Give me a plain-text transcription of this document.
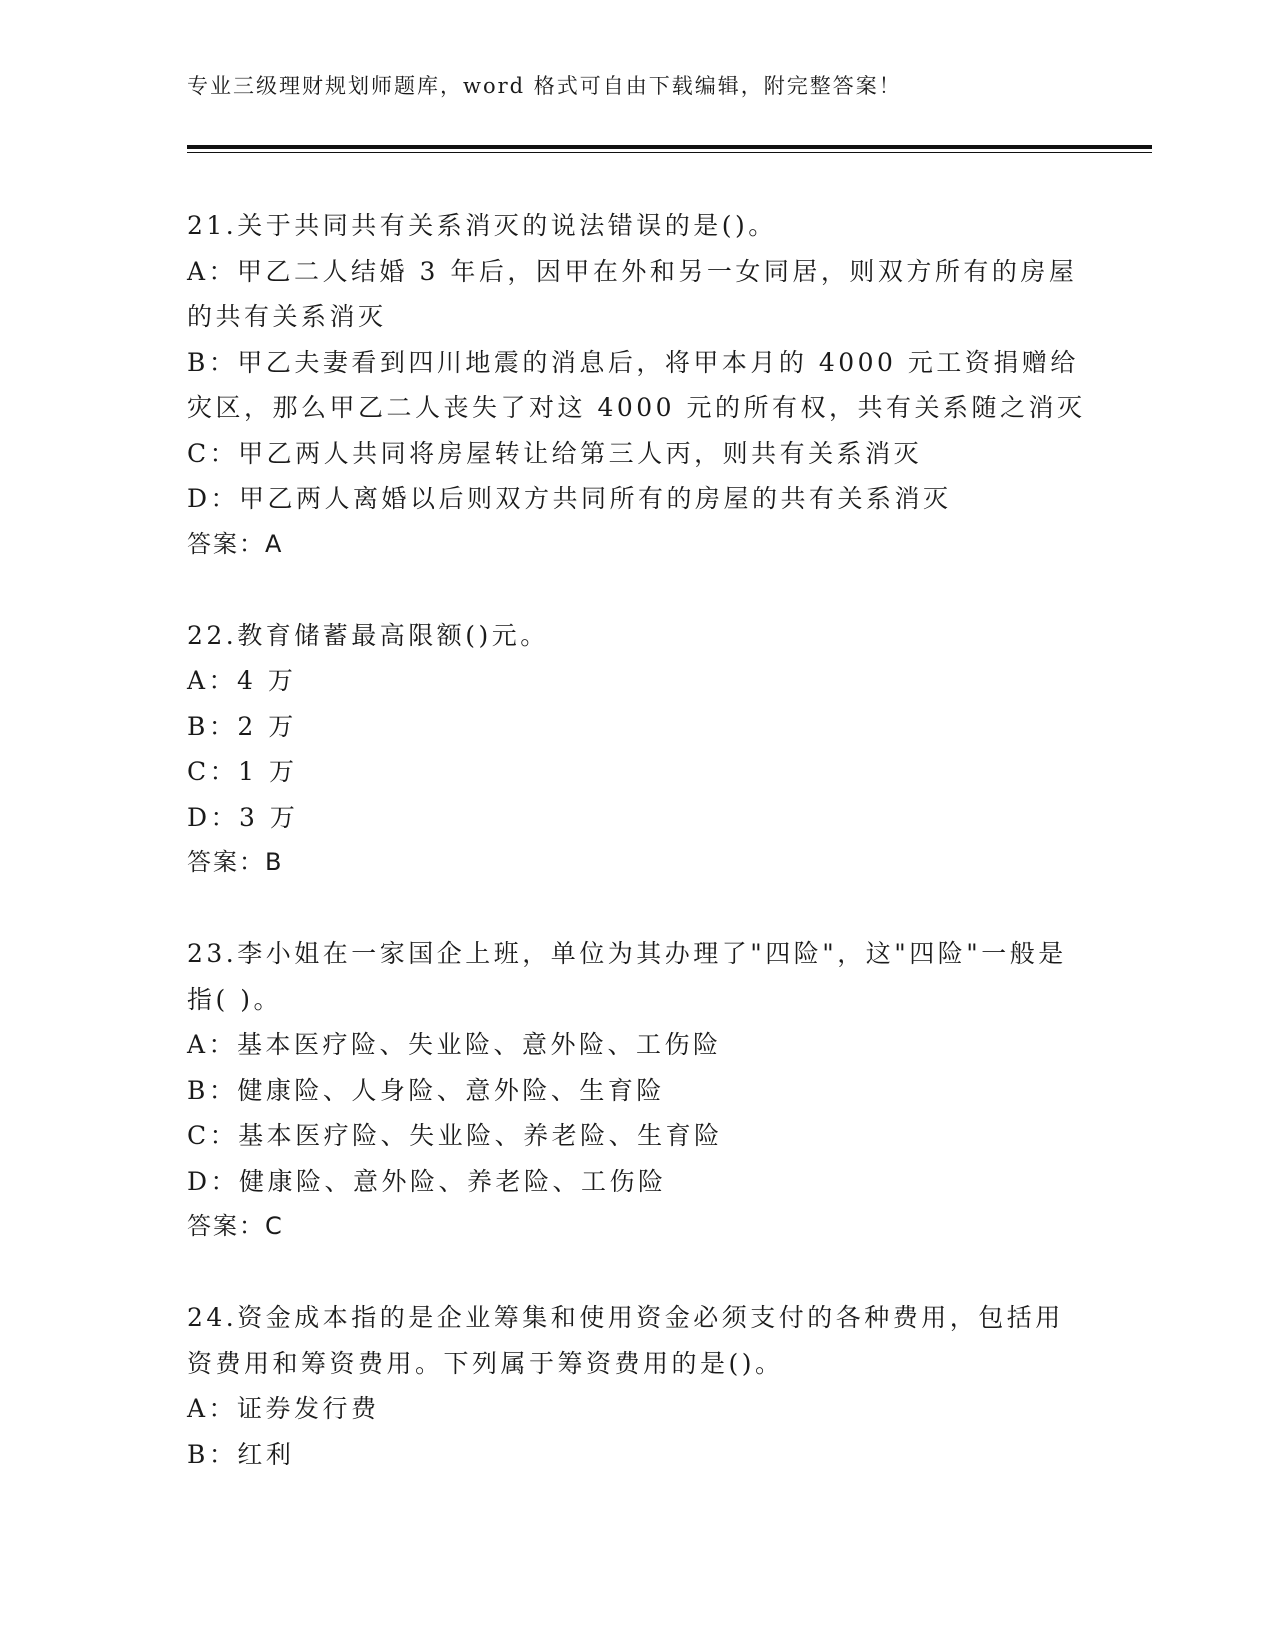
专业三级理财规划师题库，word 格式可自由下载编辑，附完整答案！

21.关于共同共有关系消灭的说法错误的是()。

A：甲乙二人结婚 3 年后，因甲在外和另一女同居，则双方所有的房屋

的共有关系消灭

B：甲乙夫妻看到四川地震的消息后，将甲本月的 4000 元工资捐赠给

灾区，那么甲乙二人丧失了对这 4000 元的所有权，共有关系随之消灭

C：甲乙两人共同将房屋转让给第三人丙，则共有关系消灭

D：甲乙两人离婚以后则双方共同所有的房屋的共有关系消灭

答案：A

22.教育储蓄最高限额()元。

A：4 万

B：2 万

C：1 万

D：3 万

答案：B

23.李小姐在一家国企上班，单位为其办理了"四险"，这"四险"一般是

指( )。

A：基本医疗险、失业险、意外险、工伤险

B：健康险、人身险、意外险、生育险

C：基本医疗险、失业险、养老险、生育险

D：健康险、意外险、养老险、工伤险

答案：C

24.资金成本指的是企业筹集和使用资金必须支付的各种费用，包括用

资费用和筹资费用。下列属于筹资费用的是()。

A：证券发行费

B：红利
